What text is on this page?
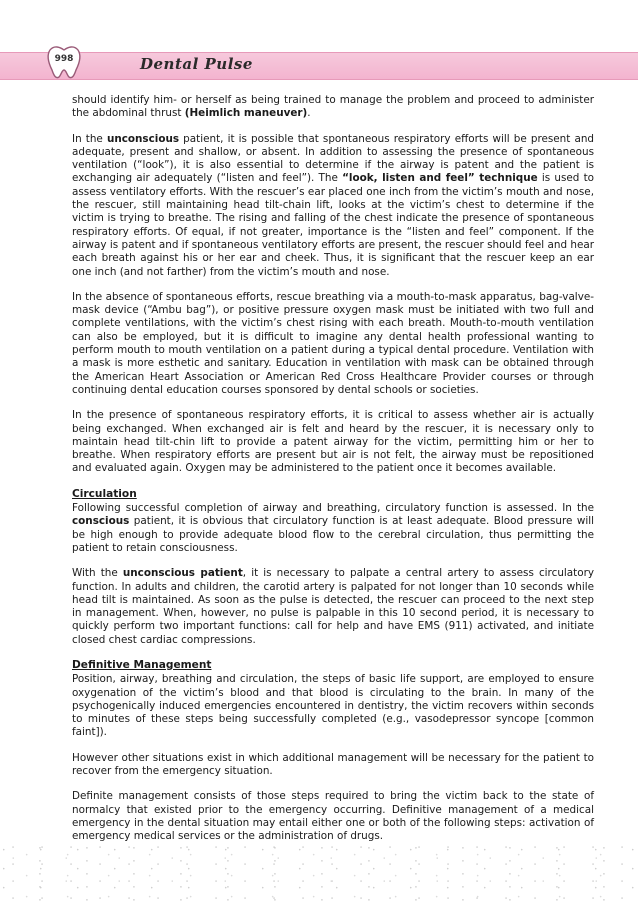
998	Dental Pulse

should identify him- or herself as being trained to manage the problem and proceed to administer the abdominal thrust (Heimlich maneuver).

In the unconscious patient, it is possible that spontaneous respiratory efforts will be present and adequate, present and shallow, or absent. In addition to assessing the presence of spontaneous ventilation (“look”), it is also essential to determine if the airway is patent and the patient is exchanging air adequately (“listen and feel”). The “look, listen and feel” technique is used to assess ventilatory efforts. With the rescuer’s ear placed one inch from the victim’s mouth and nose, the rescuer, still maintaining head tilt-chain lift, looks at the victim’s chest to determine if the victim is trying to breathe. The rising and falling of the chest indicate the presence of spontaneous respiratory efforts. Of equal, if not greater, importance is the “listen and feel” component. If the airway is patent and if spontaneous ventilatory efforts are present, the rescuer should feel and hear each breath against his or her ear and cheek. Thus, it is significant that the rescuer keep an ear one inch (and not farther) from the victim’s mouth and nose.

In the absence of spontaneous efforts, rescue breathing via a mouth-to-mask apparatus, bag-valve-mask device (“Ambu bag”), or positive pressure oxygen mask must be initiated with two full and complete ventilations, with the victim’s chest rising with each breath. Mouth-to-mouth ventilation can also be employed, but it is difficult to imagine any dental health professional wanting to perform mouth to mouth ventilation on a patient during a typical dental procedure. Ventilation with a mask is more esthetic and sanitary. Education in ventilation with mask can be obtained through the American Heart Association or American Red Cross Healthcare Provider courses or through continuing dental education courses sponsored by dental schools or societies.

In the presence of spontaneous respiratory efforts, it is critical to assess whether air is actually being exchanged. When exchanged air is felt and heard by the rescuer, it is necessary only to maintain head tilt-chin lift to provide a patent airway for the victim, permitting him or her to breathe. When respiratory efforts are present but air is not felt, the airway must be repositioned and evaluated again. Oxygen may be administered to the patient once it becomes available.

Circulation

Following successful completion of airway and breathing, circulatory function is assessed. In the conscious patient, it is obvious that circulatory function is at least adequate. Blood pressure will be high enough to provide adequate blood flow to the cerebral circulation, thus permitting the patient to retain consciousness.

With the unconscious patient, it is necessary to palpate a central artery to assess circulatory function. In adults and children, the carotid artery is palpated for not longer than 10 seconds while head tilt is maintained. As soon as the pulse is detected, the rescuer can proceed to the next step in management. When, however, no pulse is palpable in this 10 second period, it is necessary to quickly perform two important functions: call for help and have EMS (911) activated, and initiate closed chest cardiac compressions.

Definitive Management

Position, airway, breathing and circulation, the steps of basic life support, are employed to ensure oxygenation of the victim’s blood and that blood is circulating to the brain. In many of the psychogenically induced emergencies encountered in dentistry, the victim recovers within seconds to minutes of these steps being successfully completed (e.g., vasodepressor syncope [common faint]).

However other situations exist in which additional management will be necessary for the patient to recover from the emergency situation.

Definite management consists of those steps required to bring the victim back to the state of normalcy that existed prior to the emergency occurring. Definitive management of a medical emergency in the dental situation may entail either one or both of the following steps: activation of emergency medical services or the administration of drugs.
